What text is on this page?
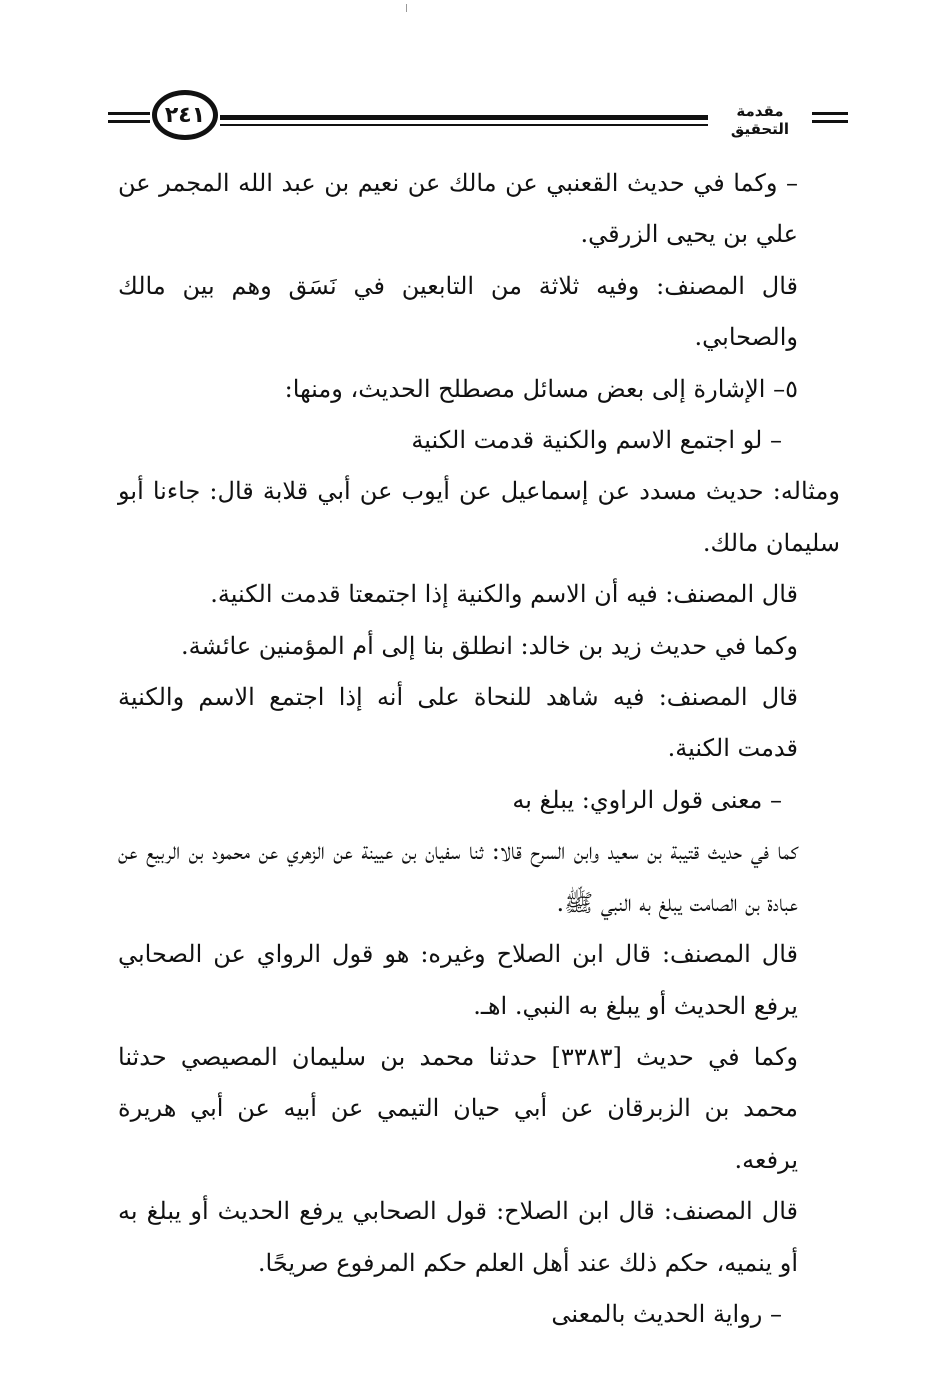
٢٤١	مقدمة التحقيق

– وكما في حديث القعنبي عن مالك عن نعيم بن عبد الله المجمر عن علي بن يحيى الزرقي.

قال المصنف: وفيه ثلاثة من التابعين في نَسَق وهم بين مالك والصحابي.

٥– الإشارة إلى بعض مسائل مصطلح الحديث، ومنها:

– لو اجتمع الاسم والكنية قدمت الكنية

ومثاله: حديث مسدد عن إسماعيل عن أيوب عن أبي قلابة قال: جاءنا أبو سليمان مالك.

قال المصنف: فيه أن الاسم والكنية إذا اجتمعتا قدمت الكنية.

وكما في حديث زيد بن خالد: انطلق بنا إلى أم المؤمنين عائشة.

قال المصنف: فيه شاهد للنحاة على أنه إذا اجتمع الاسم والكنية قدمت الكنية.

– معنى قول الراوي: يبلغ به

كما في حديث قتيبة بن سعيد وابن السرح قالا: ثنا سفيان بن عيينة عن الزهري عن محمود بن الربيع عن عبادة بن الصامت يبلغ به النبي ﷺ.

قال المصنف: قال ابن الصلاح وغيره: هو قول الرواي عن الصحابي يرفع الحديث أو يبلغ به النبي. اهـ.

وكما في حديث [٣٣٨٣] حدثنا محمد بن سليمان المصيصي حدثنا محمد بن الزبرقان عن أبي حيان التيمي عن أبيه عن أبي هريرة يرفعه.

قال المصنف: قال ابن الصلاح: قول الصحابي يرفع الحديث أو يبلغ به أو ينميه، حكم ذلك عند أهل العلم حكم المرفوع صريحًا.

– رواية الحديث بالمعنى
